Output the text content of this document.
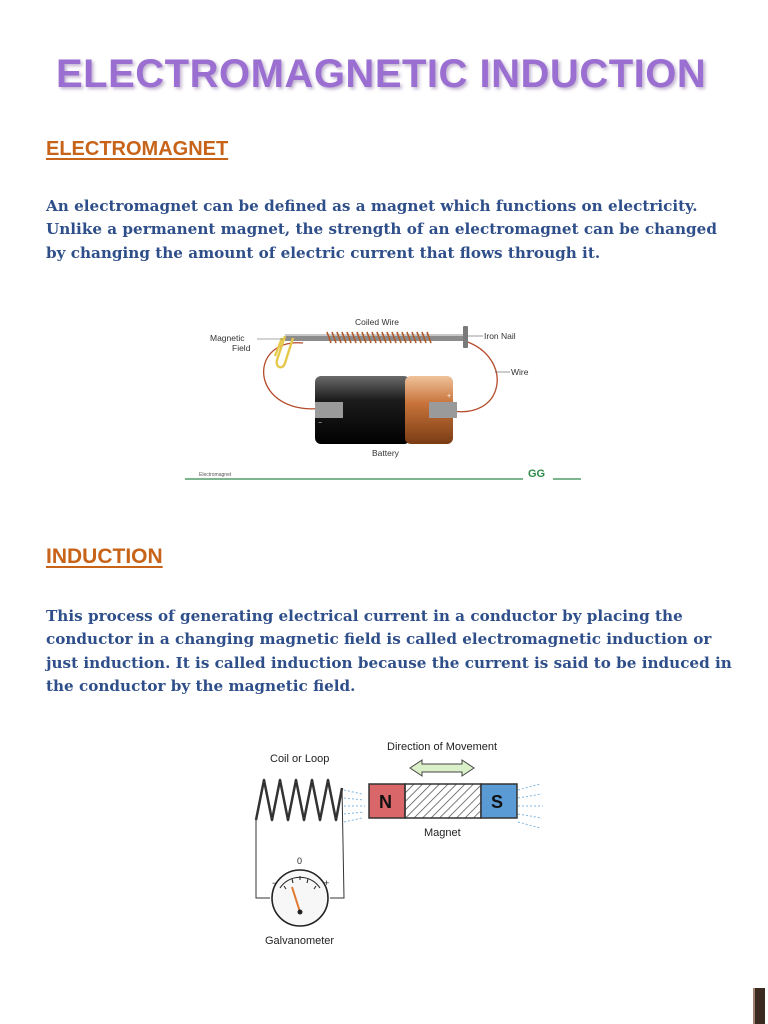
ELECTROMAGNETIC INDUCTION
ELECTROMAGNET

An electromagnet can be defined as a magnet which functions on electricity. Unlike a permanent magnet, the strength of an electromagnet can be changed by changing the amount of electric current that flows through it.

−
+
Coiled Wire
Magnetic
Field
Iron Nail
Wire
Battery
Electromagnet	GG
INDUCTION

This process of generating electrical current in a conductor by placing the conductor in a changing magnetic field is called electromagnetic induction or just induction. It is called induction because the current is said to be induced in the conductor by the magnetic field.

Direction of Movement
Coil or Loop
N	S
Magnet
−	+
0
Galvanometer
